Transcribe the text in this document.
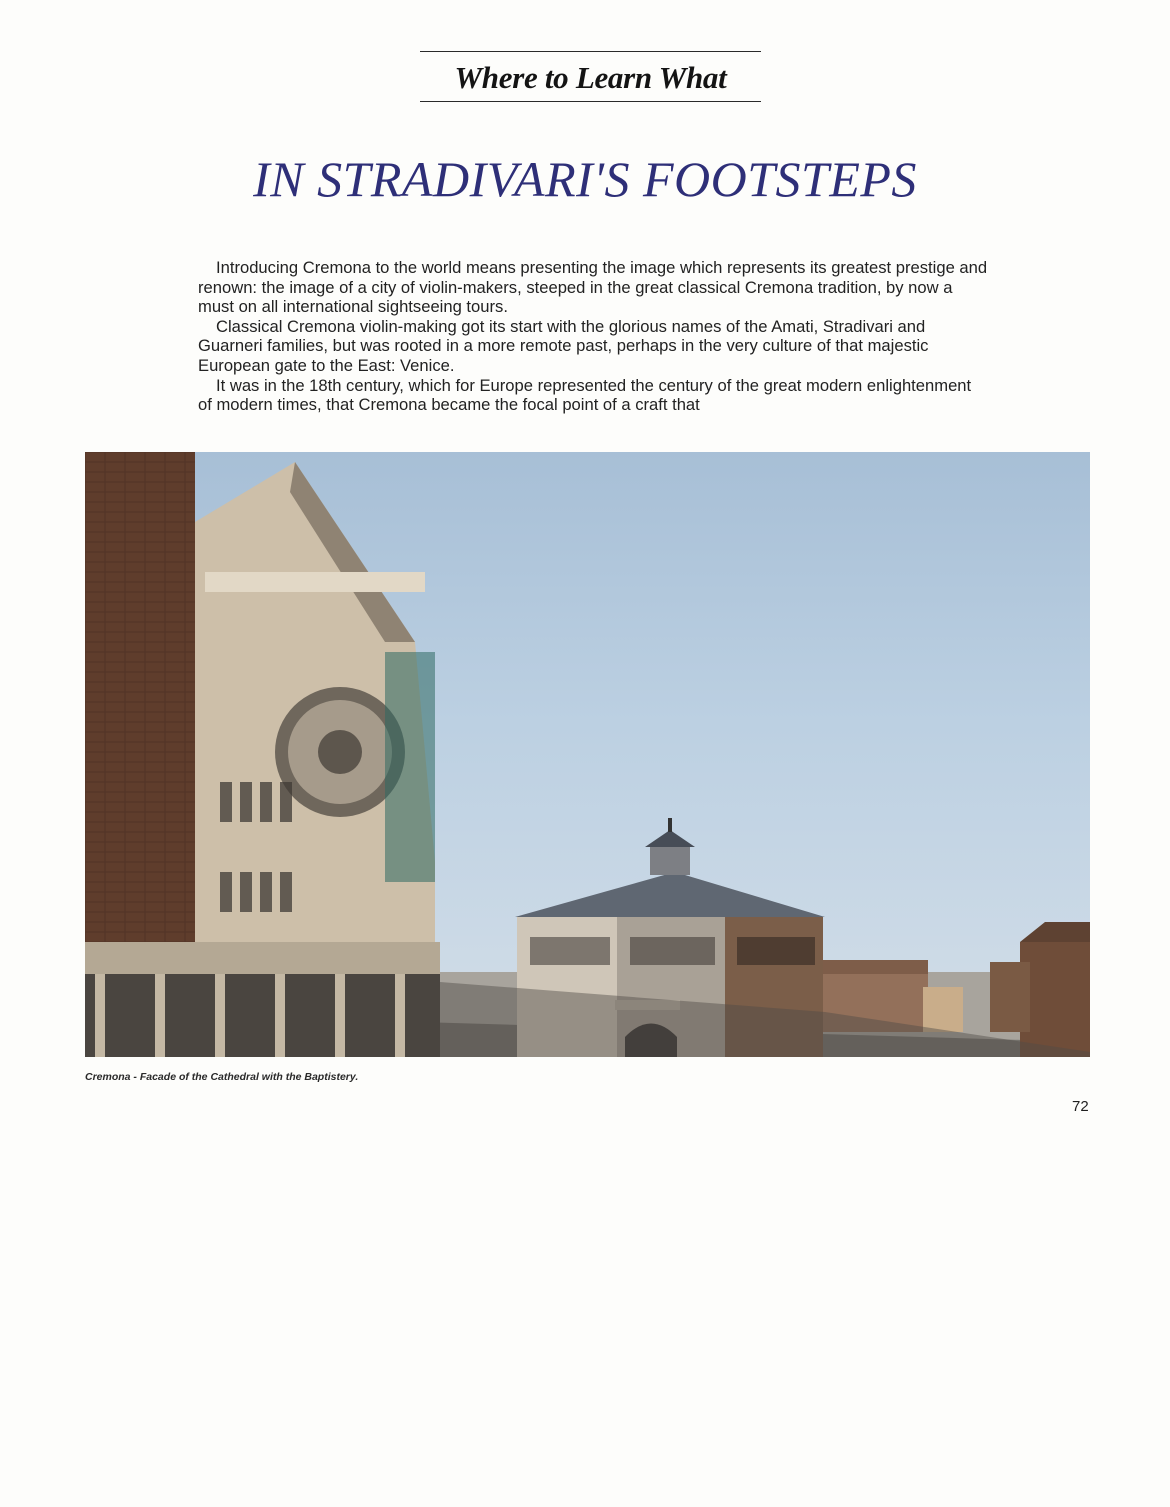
Where to Learn What
IN STRADIVARI'S FOOTSTEPS

Introducing Cremona to the world means presenting the image which represents its greatest prestige and renown: the image of a city of violin-makers, steeped in the great classical Cremona tradition, by now a must on all international sightseeing tours.

Classical Cremona violin-making got its start with the glorious names of the Amati, Stradivari and Guarneri families, but was rooted in a more remote past, perhaps in the very culture of that majestic European gate to the East: Venice.

It was in the 18th century, which for Europe represented the century of the great modern enlightenment of modern times, that Cremona became the focal point of a craft that

Cremona - Facade of the Cathedral with the Baptistery.
72
